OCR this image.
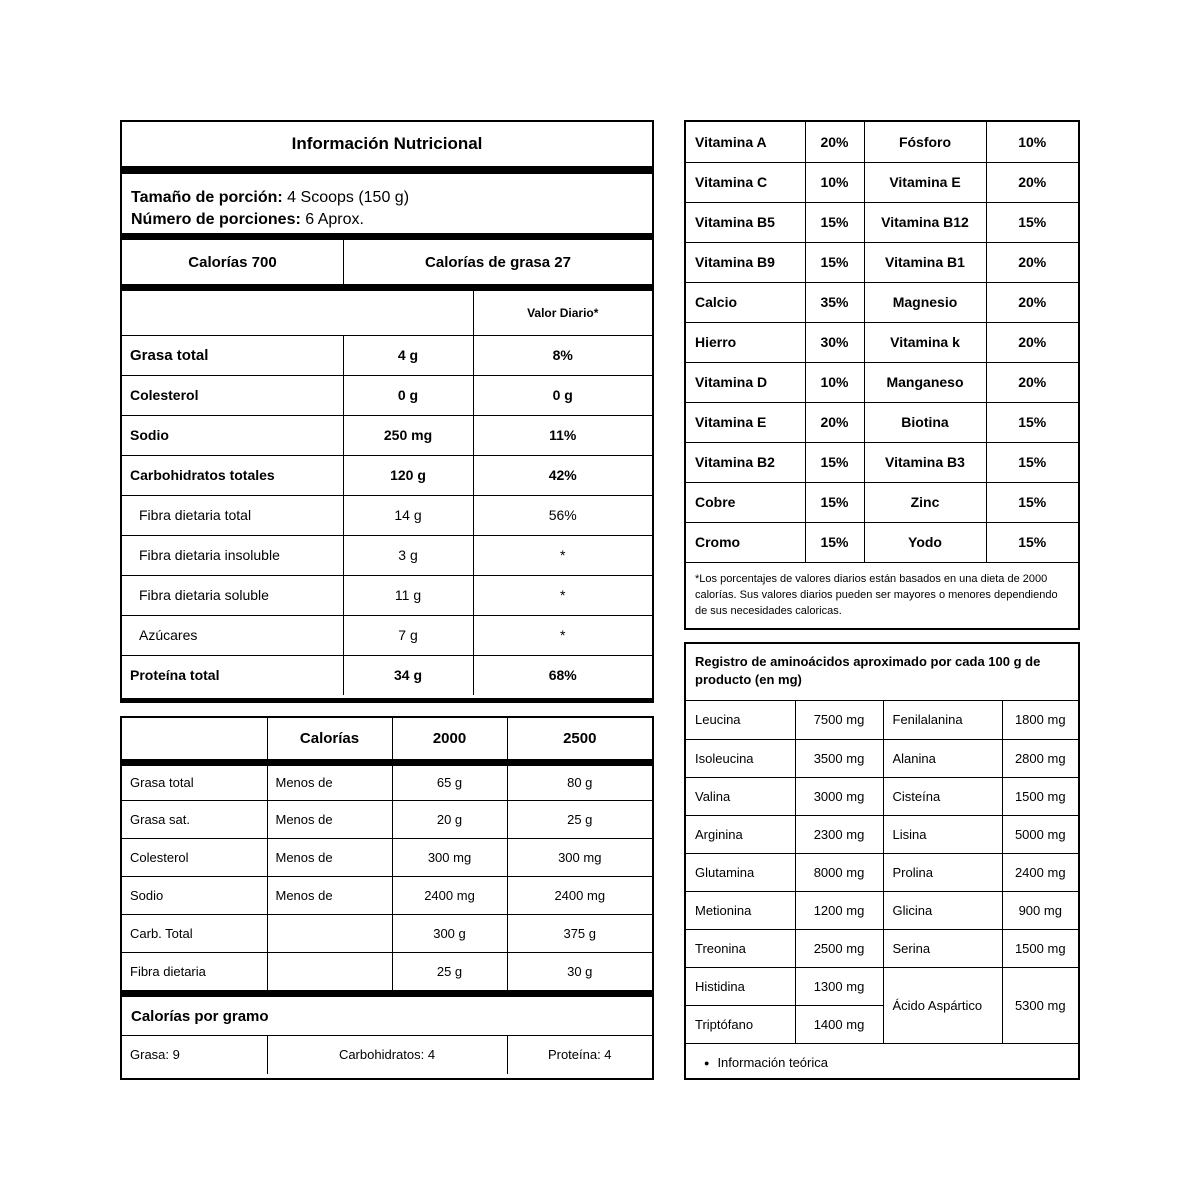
Información Nutricional
Tamaño de porción: 4 Scoops (150 g)
Número de porciones: 6 Aprox.
Calorías 700	Calorías de grasa 27
		Valor Diario*
Grasa total	4 g	8%
Colesterol	0 g	0 g
Sodio	250 mg	11%
Carbohidratos totales	120 g	42%
Fibra dietaria total	14 g	56%
Fibra dietaria insoluble	3 g	*
Fibra dietaria soluble	11 g	*
Azúcares	7 g	*
Proteína total	34 g	68%
	Calorías	2000	2500
Grasa total	Menos de	65 g	80 g
Grasa sat.	Menos de	20 g	25 g
Colesterol	Menos de	300 mg	300 mg
Sodio	Menos de	2400 mg	2400 mg
Carb. Total		300 g	375 g
Fibra dietaria		25 g	30 g
Calorías por gramo
Grasa: 9	Carbohidratos: 4	Proteína: 4
Vitamina A	20%	Fósforo	10%
Vitamina C	10%	Vitamina E	20%
Vitamina B5	15%	Vitamina B12	15%
Vitamina B9	15%	Vitamina B1	20%
Calcio	35%	Magnesio	20%
Hierro	30%	Vitamina k	20%
Vitamina D	10%	Manganeso	20%
Vitamina E	20%	Biotina	15%
Vitamina B2	15%	Vitamina B3	15%
Cobre	15%	Zinc	15%
Cromo	15%	Yodo	15%
*Los porcentajes de valores diarios están basados en una dieta de 2000 calorías. Sus valores diarios pueden ser mayores o menores dependiendo de sus necesidades caloricas.
Registro de aminoácidos aproximado por cada 100 g de producto (en mg)
Leucina	7500 mg	Fenilalanina	1800 mg
Isoleucina	3500 mg	Alanina	2800 mg
Valina	3000 mg	Cisteína	1500 mg
Arginina	2300 mg	Lisina	5000 mg
Glutamina	8000 mg	Prolina	2400 mg
Metionina	1200 mg	Glicina	900 mg
Treonina	2500 mg	Serina	1500 mg
Histidina	1300 mg	Ácido Aspártico	5300 mg
Triptófano	1400 mg		
● Información teórica
